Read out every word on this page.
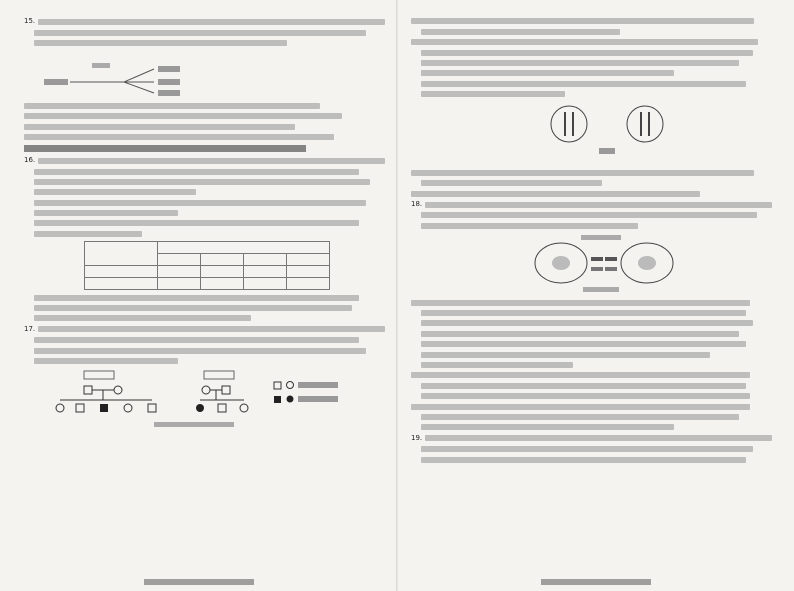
15.
16.

17.
18.
19.
